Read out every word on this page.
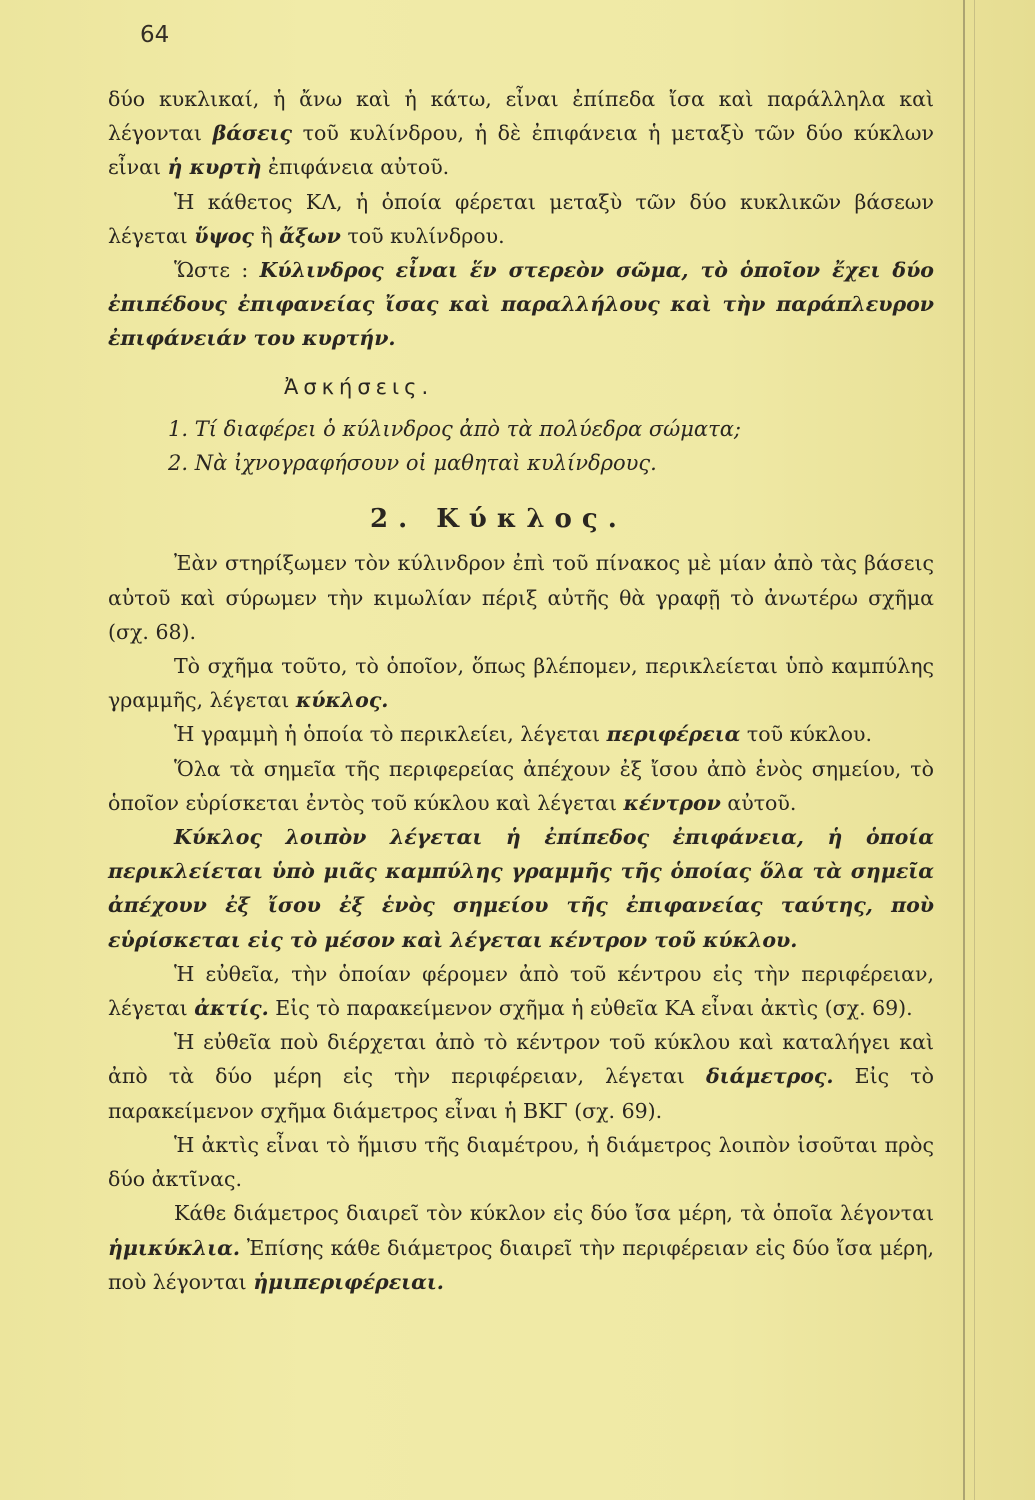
64

δύο κυκλικαί, ἡ ἄνω καὶ ἡ κάτω, εἶναι ἐπίπεδα ἴσα καὶ παράλληλα καὶ λέγονται βάσεις τοῦ κυλίνδρου, ἡ δὲ ἐπιφάνεια ἡ μεταξὺ τῶν δύο κύκλων εἶναι ἡ κυρτὴ ἐπιφάνεια αὐτοῦ.

Ἡ κάθετος ΚΛ, ἡ ὁποία φέρεται μεταξὺ τῶν δύο κυκλικῶν βάσεων λέγεται ὕψος ἢ ἄξων τοῦ κυλίνδρου.

Ὥστε : Κύλινδρος εἶναι ἕν στερεὸν σῶμα, τὸ ὁποῖον ἔχει δύο ἐπιπέδους ἐπιφανείας ἴσας καὶ παραλλήλους καὶ τὴν παράπλευρον ἐπιφάνειάν του κυρτήν.

Ἀσκήσεις.

1. Τί διαφέρει ὁ κύλινδρος ἀπὸ τὰ πολύεδρα σώματα;

2. Νὰ ἰχνογραφήσουν οἱ μαθηταὶ κυλίνδρους.

2. Κύκλος.

Ἐὰν στηρίξωμεν τὸν κύλινδρον ἐπὶ τοῦ πίνακος μὲ μίαν ἀπὸ τὰς βάσεις αὐτοῦ καὶ σύρωμεν τὴν κιμωλίαν πέριξ αὐτῆς θὰ γραφῇ τὸ ἀνωτέρω σχῆμα (σχ. 68).

Τὸ σχῆμα τοῦτο, τὸ ὁποῖον, ὅπως βλέπομεν, περικλείεται ὑπὸ καμπύλης γραμμῆς, λέγεται κύκλος.

Ἡ γραμμὴ ἡ ὁποία τὸ περικλείει, λέγεται περιφέρεια τοῦ κύκλου.

Ὅλα τὰ σημεῖα τῆς περιφερείας ἀπέχουν ἐξ ἴσου ἀπὸ ἑνὸς σημείου, τὸ ὁποῖον εὑρίσκεται ἐντὸς τοῦ κύκλου καὶ λέγεται κέντρον αὐτοῦ.

Κύκλος λοιπὸν λέγεται ἡ ἐπίπεδος ἐπιφάνεια, ἡ ὁποία περικλείεται ὑπὸ μιᾶς καμπύλης γραμμῆς τῆς ὁποίας ὅλα τὰ σημεῖα ἀπέχουν ἐξ ἴσου ἐξ ἑνὸς σημείου τῆς ἐπιφανείας ταύτης, ποὺ εὑρίσκεται εἰς τὸ μέσον καὶ λέγεται κέντρον τοῦ κύκλου.

Ἡ εὐθεῖα, τὴν ὁποίαν φέρομεν ἀπὸ τοῦ κέντρου εἰς τὴν περιφέρειαν, λέγεται ἀκτίς. Εἰς τὸ παρακείμενον σχῆμα ἡ εὐθεῖα ΚΑ εἶναι ἀκτὶς (σχ. 69).

Ἡ εὐθεῖα ποὺ διέρχεται ἀπὸ τὸ κέντρον τοῦ κύκλου καὶ καταλήγει καὶ ἀπὸ τὰ δύο μέρη εἰς τὴν περιφέρειαν, λέγεται διάμετρος. Εἰς τὸ παρακείμενον σχῆμα διάμετρος εἶναι ἡ ΒΚΓ (σχ. 69).

Ἡ ἀκτὶς εἶναι τὸ ἥμισυ τῆς διαμέτρου, ἡ διάμετρος λοιπὸν ἰσοῦται πρὸς δύο ἀκτῖνας.

Κάθε διάμετρος διαιρεῖ τὸν κύκλον εἰς δύο ἴσα μέρη, τὰ ὁποῖα λέγονται ἡμικύκλια. Ἐπίσης κάθε διάμετρος διαιρεῖ τὴν περιφέρειαν εἰς δύο ἴσα μέρη, ποὺ λέγονται ἡμιπεριφέρειαι.
